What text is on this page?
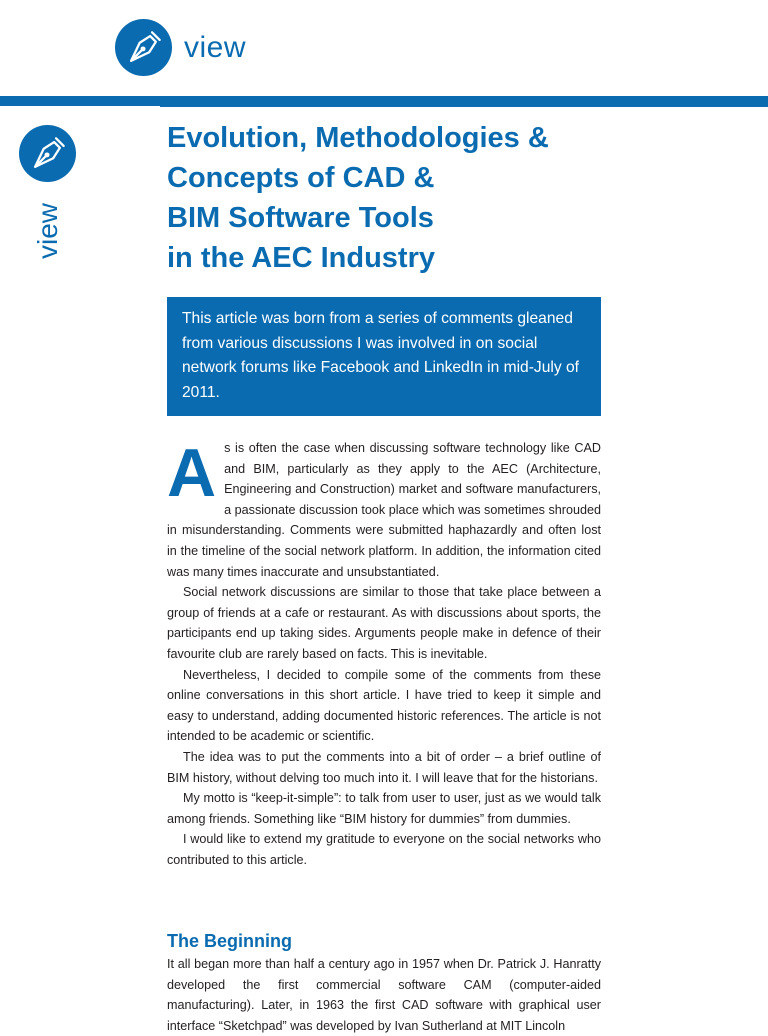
view
view
Evolution, Methodologies &
Concepts of CAD &
BIM Software Tools
in the AEC Industry
This article was born from a series of comments gleaned from various discussions I was involved in on social network forums like Facebook and LinkedIn in mid-July of 2011.

As is often the case when discussing software technology like CAD and BIM, particularly as they apply to the AEC (Architecture, Engineering and Construction) market and software manufacturers, a passionate discussion took place which was sometimes shrouded in misunderstanding. Comments were submitted haphazardly and often lost in the timeline of the social network platform. In addition, the information cited was many times inaccurate and unsubstantiated.

Social network discussions are similar to those that take place between a group of friends at a cafe or restaurant. As with discussions about sports, the participants end up taking sides. Arguments people make in defence of their favourite club are rarely based on facts. This is inevitable.

Nevertheless, I decided to compile some of the comments from these online conversations in this short article. I have tried to keep it simple and easy to understand, adding documented historic references. The article is not intended to be academic or scientific.

The idea was to put the comments into a bit of order – a brief outline of BIM history, without delving too much into it. I will leave that for the historians.

My motto is “keep-it-simple”: to talk from user to user, just as we would talk among friends. Something like “BIM history for dummies” from dummies.

I would like to extend my gratitude to everyone on the social networks who contributed to this article.

The Beginning

It all began more than half a century ago in 1957 when Dr. Patrick J. Hanratty developed the first commercial software CAM (computer-aided manufacturing). Later, in 1963 the first CAD software with graphical user interface “Sketchpad” was developed by Ivan Sutherland at MIT Lincoln
